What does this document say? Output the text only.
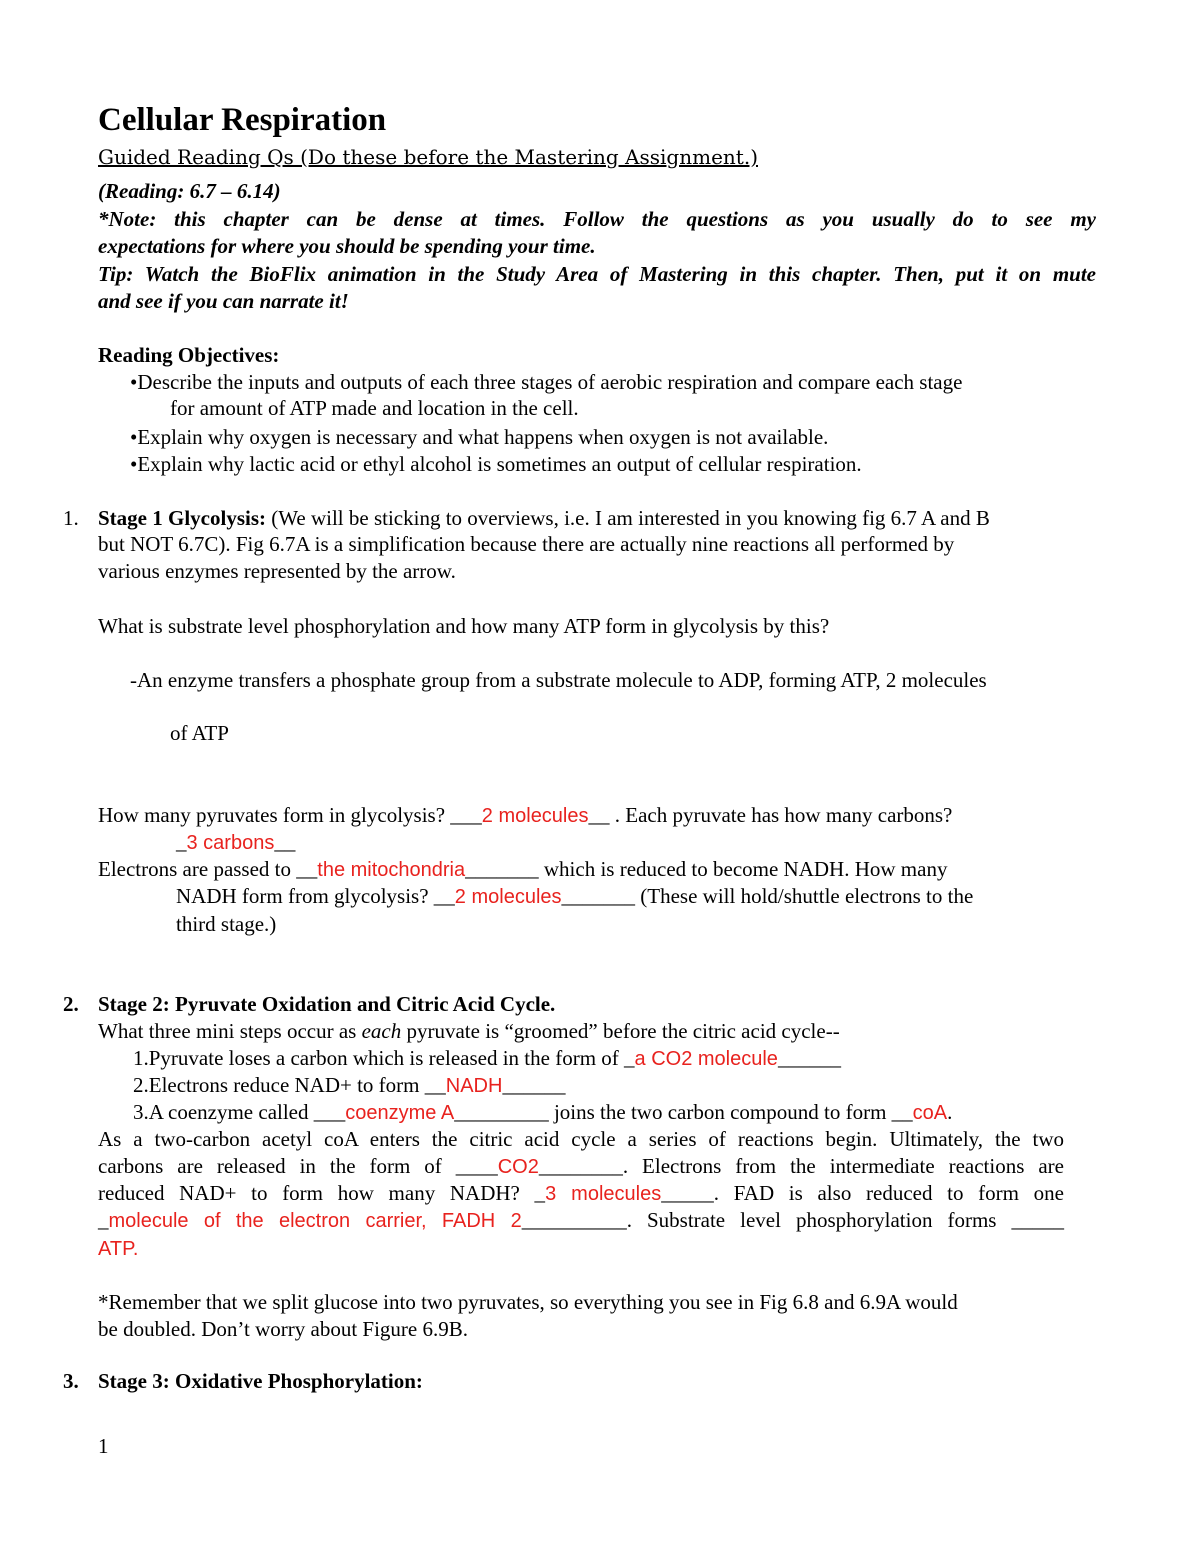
Cellular Respiration
Guided Reading Qs (Do these before the Mastering Assignment.)
(Reading: 6.7 – 6.14)
*Note: this chapter can be dense at times. Follow the questions as you usually do to see my
expectations for where you should be spending your time.
Tip: Watch the BioFlix animation in the Study Area of Mastering in this chapter. Then, put it on mute
and see if you can narrate it!
Reading Objectives:
•Describe the inputs and outputs of each three stages of aerobic respiration and compare each stage
for amount of ATP made and location in the cell.
•Explain why oxygen is necessary and what happens when oxygen is not available.
•Explain why lactic acid or ethyl alcohol is sometimes an output of cellular respiration.
1. Stage 1 Glycolysis: (We will be sticking to overviews, i.e. I am interested in you knowing fig 6.7 A and B
but NOT 6.7C). Fig 6.7A is a simplification because there are actually nine reactions all performed by
various enzymes represented by the arrow.
What is substrate level phosphorylation and how many ATP form in glycolysis by this?
-An enzyme transfers a phosphate group from a substrate molecule to ADP, forming ATP, 2 molecules
of ATP
How many pyruvates form in glycolysis? ___2 molecules__ . Each pyruvate has how many carbons?
_3 carbons__
Electrons are passed to __the mitochondria_______ which is reduced to become NADH. How many
NADH form from glycolysis? __2 molecules_______ (These will hold/shuttle electrons to the
third stage.)
2. Stage 2: Pyruvate Oxidation and Citric Acid Cycle.
What three mini steps occur as each pyruvate is “groomed” before the citric acid cycle--
1.Pyruvate loses a carbon which is released in the form of _a CO2 molecule______
2.Electrons reduce NAD+ to form __NADH______
3.A coenzyme called ___coenzyme A_________ joins the two carbon compound to form __coA.
As a two-carbon acetyl coA enters the citric acid cycle a series of reactions begin. Ultimately, the two
carbons are released in the form of ____CO2________. Electrons from the intermediate reactions are
reduced NAD+ to form how many NADH? _3 molecules_____. FAD is also reduced to form one
_molecule of the electron carrier, FADH 2__________. Substrate level phosphorylation forms _____
ATP.
*Remember that we split glucose into two pyruvates, so everything you see in Fig 6.8 and 6.9A would
be doubled. Don’t worry about Figure 6.9B.
3. Stage 3: Oxidative Phosphorylation:
1
